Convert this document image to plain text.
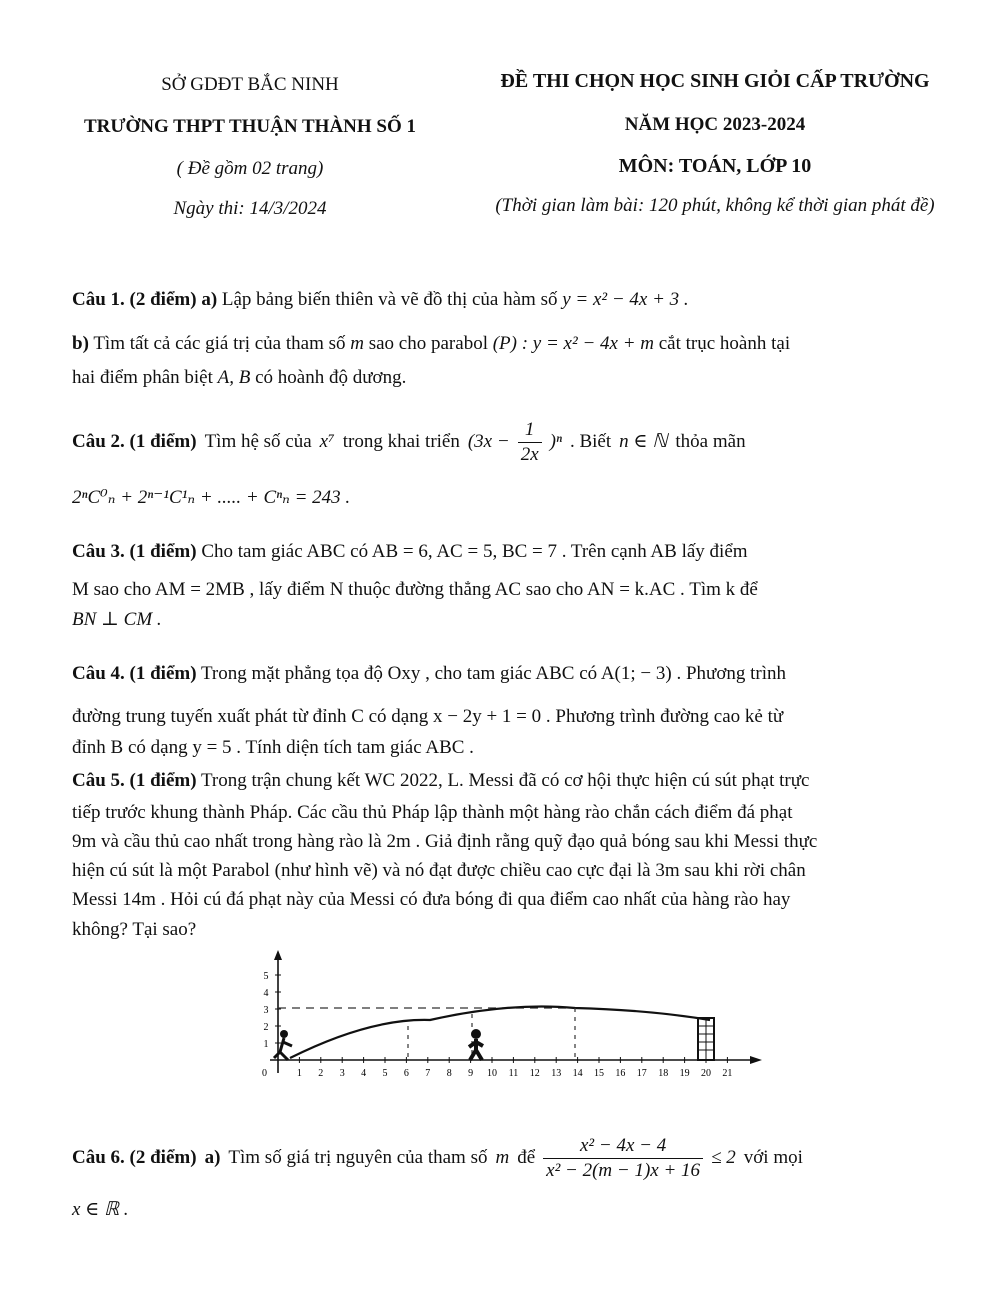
SỞ GDĐT BẮC NINH
TRƯỜNG THPT THUẬN THÀNH SỐ 1
( Đề gồm 02 trang)
Ngày thi: 14/3/2024
ĐỀ THI CHỌN HỌC SINH GIỎI CẤP TRƯỜNG
NĂM HỌC 2023-2024
MÔN: TOÁN, LỚP 10
(Thời gian làm bài: 120 phút, không kể thời gian phát đề)
Câu 1. (2 điểm) a) Lập bảng biến thiên và vẽ đồ thị của hàm số y = x² − 4x + 3 .
b) Tìm tất cả các giá trị của tham số m sao cho parabol (P) : y = x² − 4x + m cắt trục hoành tại
hai điểm phân biệt A, B có hoành độ dương.
Câu 2. (1 điểm) Tìm hệ số của x⁷ trong khai triển $(3x - \frac{1}{2x} )^n$ . Biết n ∈ ℕ thỏa mãn
2ⁿC⁰ₙ + 2ⁿ⁻¹C¹ₙ + ..... + Cⁿₙ = 243 .
Câu 3. (1 điểm) Cho tam giác ABC có AB = 6, AC = 5, BC = 7 . Trên cạnh AB lấy điểm
M sao cho AM = 2MB , lấy điểm N thuộc đường thẳng AC sao cho AN = k.AC . Tìm k để
BN ⊥ CM .
Câu 4. (1 điểm) Trong mặt phẳng tọa độ Oxy , cho tam giác ABC có A(1; − 3) . Phương trình
đường trung tuyến xuất phát từ đỉnh C có dạng x − 2y + 1 = 0 . Phương trình đường cao kẻ từ
đỉnh B có dạng y = 5 . Tính diện tích tam giác ABC .
Câu 5. (1 điểm) Trong trận chung kết WC 2022, L. Messi đã có cơ hội thực hiện cú sút phạt trực
tiếp trước khung thành Pháp. Các cầu thủ Pháp lập thành một hàng rào chắn cách điểm đá phạt
9m và cầu thủ cao nhất trong hàng rào là 2m . Giả định rằng quỹ đạo quả bóng sau khi Messi thực
hiện cú sút là một Parabol (như hình vẽ) và nó đạt được chiều cao cực đại là 3m sau khi rời chân
Messi 14m . Hỏi cú đá phạt này của Messi có đưa bóng đi qua điểm cao nhất của hàng rào hay
không? Tại sao?
1 2 3 4 5 6 7 8 9 10 11 12 13 14 15 16 17 18 19 20 21
1
2
3
4
5
0
Câu 6. (2 điểm) a) Tìm số giá trị nguyên của tham số m để $\frac{\text{x² − 4x − 4}}{\text{x² − 2(m − 1)x + 16}} \le 2$ với mọi
x ∈ ℝ .
